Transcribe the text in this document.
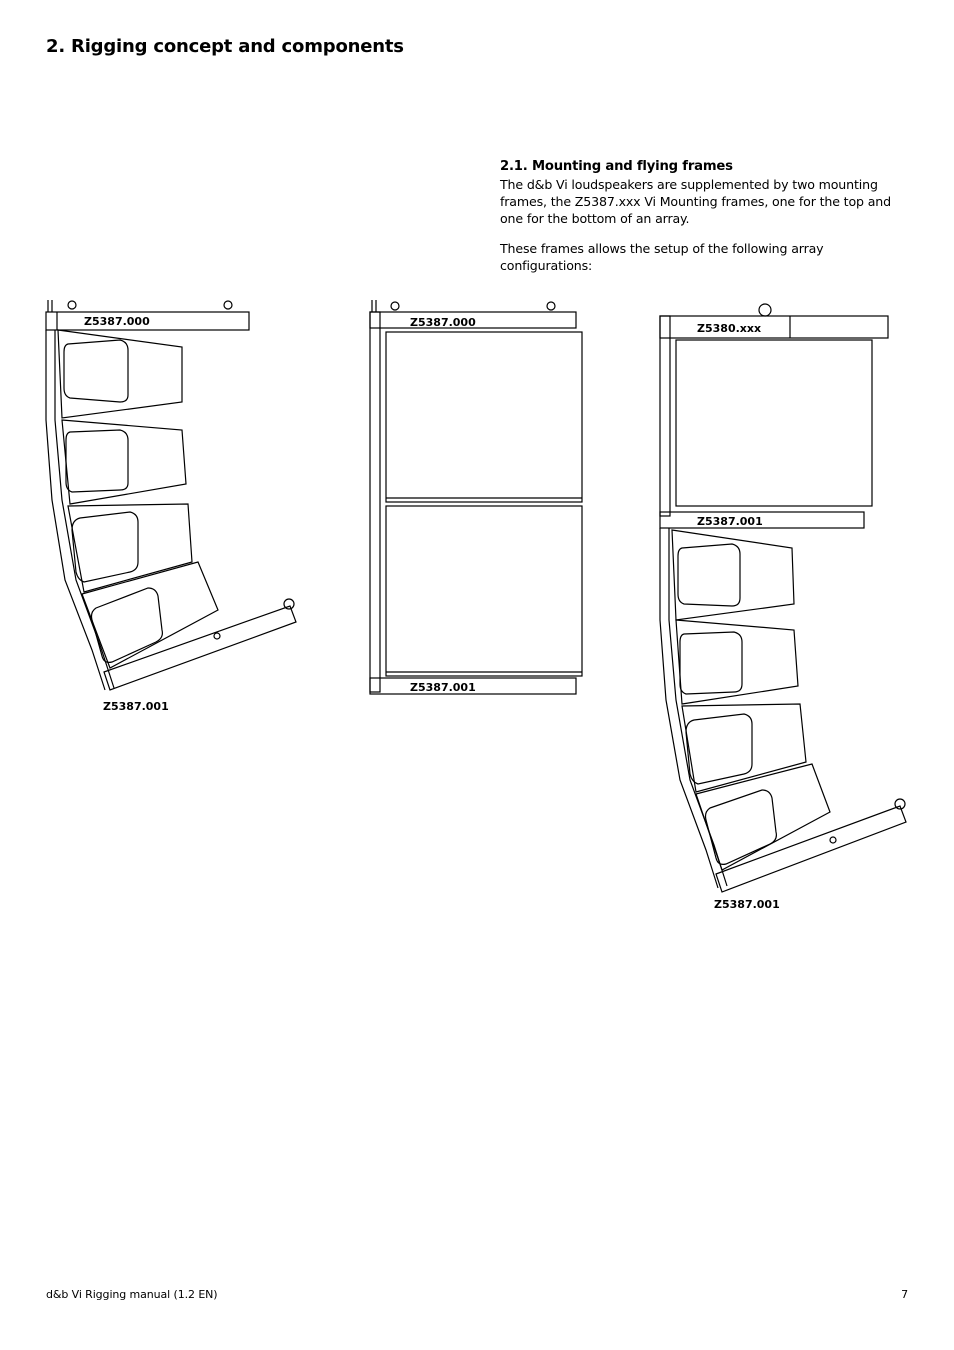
2. Rigging concept and components
2.1. Mounting and flying frames

The d&b Vi loudspeakers are supplemented by two mounting frames, the Z5387.xxx Vi Mounting frames, one for the top and one for the bottom of an array.

These frames allows the setup of the following array configurations:

Z5387.000
Z5387.001
Z5387.000
Z5387.001
Z5380.xxx
Z5387.001
Z5387.001
d&b Vi Rigging manual (1.2 EN)	7
